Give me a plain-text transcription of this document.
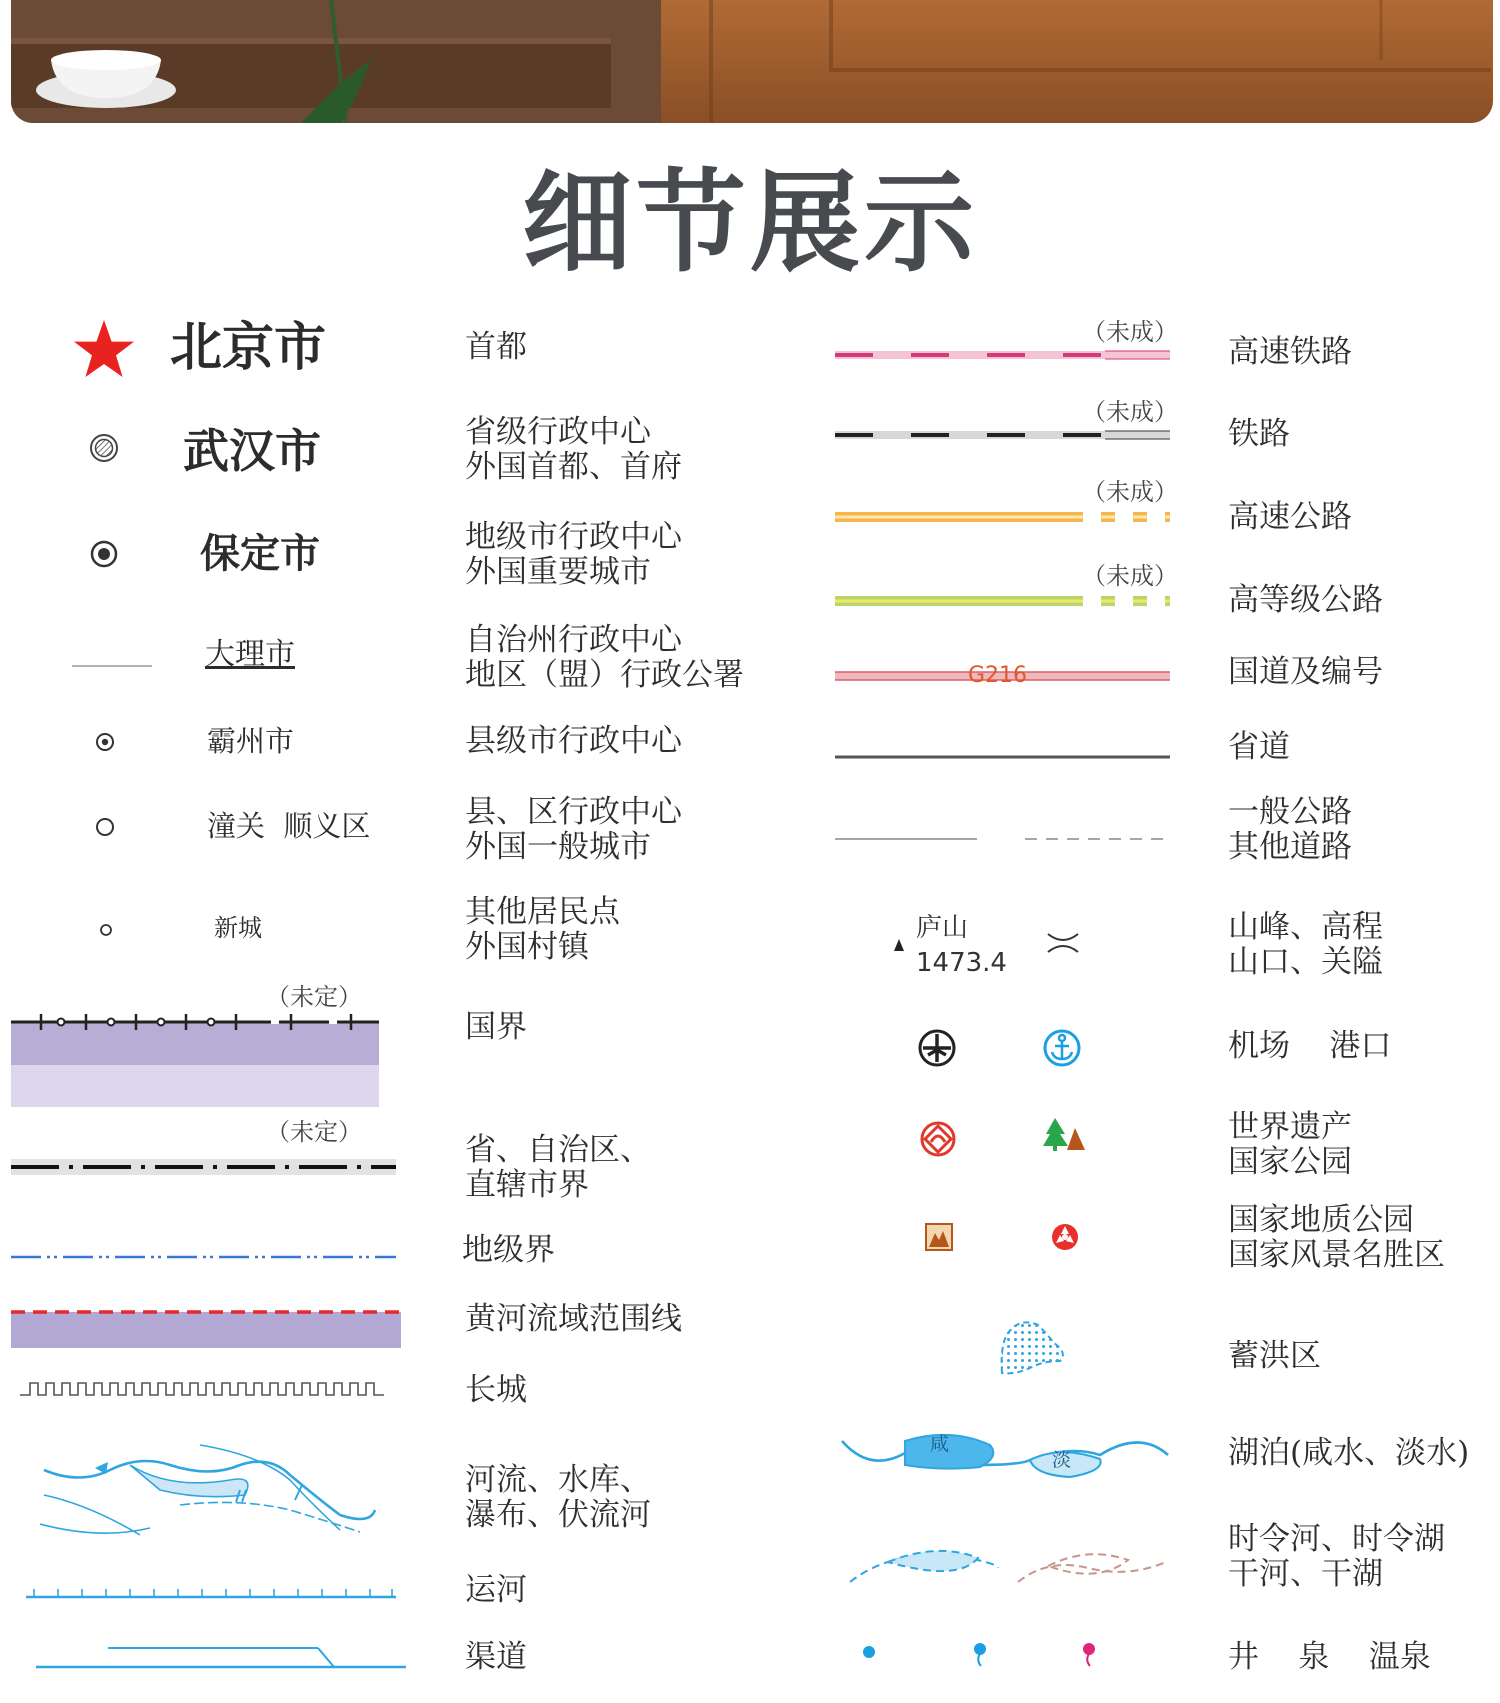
细节展示
北京市	首都
武汉市	省级行政中心
外国首都、首府
保定市	地级市行政中心
外国重要城市
大理市	自治州行政中心
地区（盟）行政公署
霸州市	县级市行政中心
潼关  顺义区	县、区行政中心
外国一般城市
新城	其他居民点
外国村镇
（未定）
国界
（未定）	省、自治区、
直辖市界
地级界
黄河流域范围线
长城
河流、水库、
瀑布、伏流河
运河
渠道
（未成）
高速铁路
（未成）
铁路
（未成）
高速公路
（未成）
高等级公路
G216	国道及编号
省道
一般公路
其他道路
庐山
1473.4
山峰、高程
山口、关隘
机场    港口
世界遗产
国家公园
国家地质公园
国家风景名胜区
蓄洪区
咸
淡	湖泊(咸水、淡水)
时令河、时令湖
干河、干湖
井    泉    温泉
